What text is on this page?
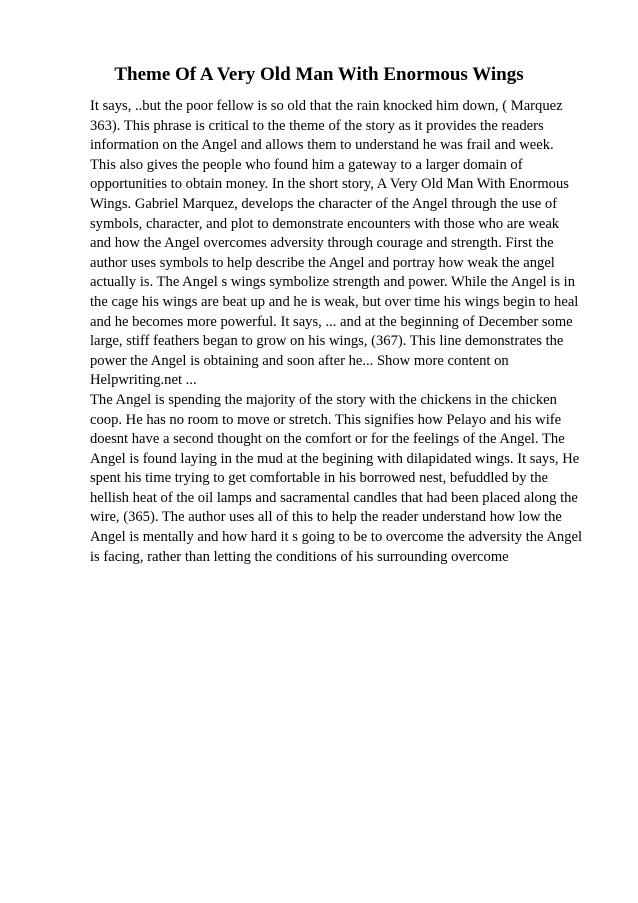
Theme Of A Very Old Man With Enormous Wings
It says, ..but the poor fellow is so old that the rain knocked him down, ( Marquez
363). This phrase is critical to the theme of the story as it provides the readers
information on the Angel and allows them to understand he was frail and week.
This also gives the people who found him a gateway to a larger domain of
opportunities to obtain money. In the short story, A Very Old Man With Enormous
Wings. Gabriel Marquez, develops the character of the Angel through the use of
symbols, character, and plot to demonstrate encounters with those who are weak
and how the Angel overcomes adversity through courage and strength. First the
author uses symbols to help describe the Angel and portray how weak the angel
actually is. The Angel s wings symbolize strength and power. While the Angel is in
the cage his wings are beat up and he is weak, but over time his wings begin to heal
and he becomes more powerful. It says, ... and at the beginning of December some
large, stiff feathers began to grow on his wings, (367). This line demonstrates the
power the Angel is obtaining and soon after he... Show more content on
Helpwriting.net ...
The Angel is spending the majority of the story with the chickens in the chicken
coop. He has no room to move or stretch. This signifies how Pelayo and his wife
doesnt have a second thought on the comfort or for the feelings of the Angel. The
Angel is found laying in the mud at the begining with dilapidated wings. It says, He
spent his time trying to get comfortable in his borrowed nest, befuddled by the
hellish heat of the oil lamps and sacramental candles that had been placed along the
wire, (365). The author uses all of this to help the reader understand how low the
Angel is mentally and how hard it s going to be to overcome the adversity the Angel
is facing, rather than letting the conditions of his surrounding overcome
